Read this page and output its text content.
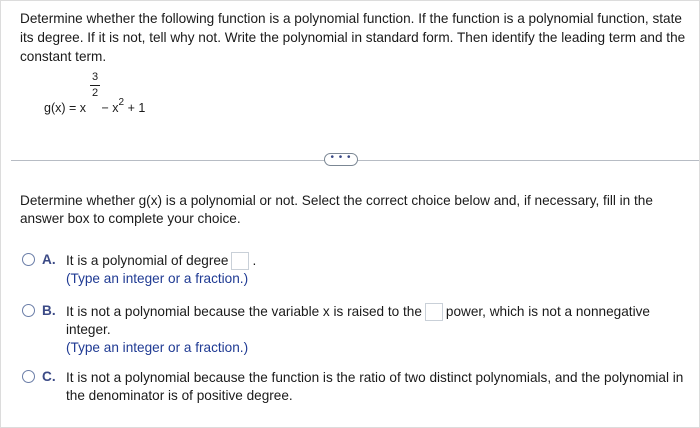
Determine whether the following function is a polynomial function. If the function is a polynomial function, state its degree. If it is not, tell why not. Write the polynomial in standard form. Then identify the leading term and the constant term.
3
2
$g(x) = x - x^2 + 1$
• • •
Determine whether g(x) is a polynomial or not. Select the correct choice below and, if necessary, fill in the answer box to complete your choice.
A. It is a polynomial of degree .
(Type an integer or a fraction.)
B. It is not a polynomial because the variable x is raised to the power, which is not a nonnegative
integer.
(Type an integer or a fraction.)
C. It is not a polynomial because the function is the ratio of two distinct polynomials, and the polynomial in
the denominator is of positive degree.
